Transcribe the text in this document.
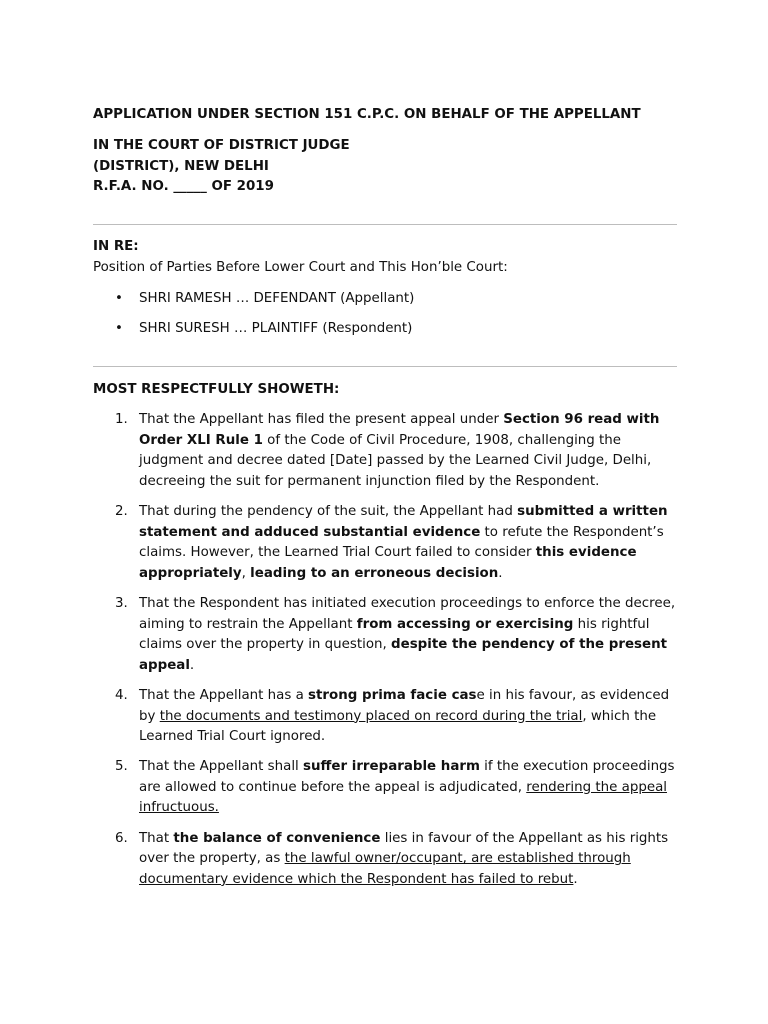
APPLICATION UNDER SECTION 151 C.P.C. ON BEHALF OF THE APPELLANT

IN THE COURT OF DISTRICT JUDGE

(DISTRICT), NEW DELHI

R.F.A. NO. _____ OF 2019

IN RE:

Position of Parties Before Lower Court and This Hon’ble Court:

• SHRI RAMESH … DEFENDANT (Appellant)
• SHRI SURESH … PLAINTIFF (Respondent)

MOST RESPECTFULLY SHOWETH:

1. That the Appellant has filed the present appeal under Section 96 read with Order XLI Rule 1 of the Code of Civil Procedure, 1908, challenging the judgment and decree dated [Date] passed by the Learned Civil Judge, Delhi, decreeing the suit for permanent injunction filed by the Respondent.
2. That during the pendency of the suit, the Appellant had submitted a written statement and adduced substantial evidence to refute the Respondent’s claims. However, the Learned Trial Court failed to consider this evidence appropriately, leading to an erroneous decision.
3. That the Respondent has initiated execution proceedings to enforce the decree, aiming to restrain the Appellant from accessing or exercising his rightful claims over the property in question, despite the pendency of the present appeal.
4. That the Appellant has a strong prima facie case in his favour, as evidenced by the documents and testimony placed on record during the trial, which the Learned Trial Court ignored.
5. That the Appellant shall suffer irreparable harm if the execution proceedings are allowed to continue before the appeal is adjudicated, rendering the appeal infructuous.
6. That the balance of convenience lies in favour of the Appellant as his rights over the property, as the lawful owner/occupant, are established through documentary evidence which the Respondent has failed to rebut.
